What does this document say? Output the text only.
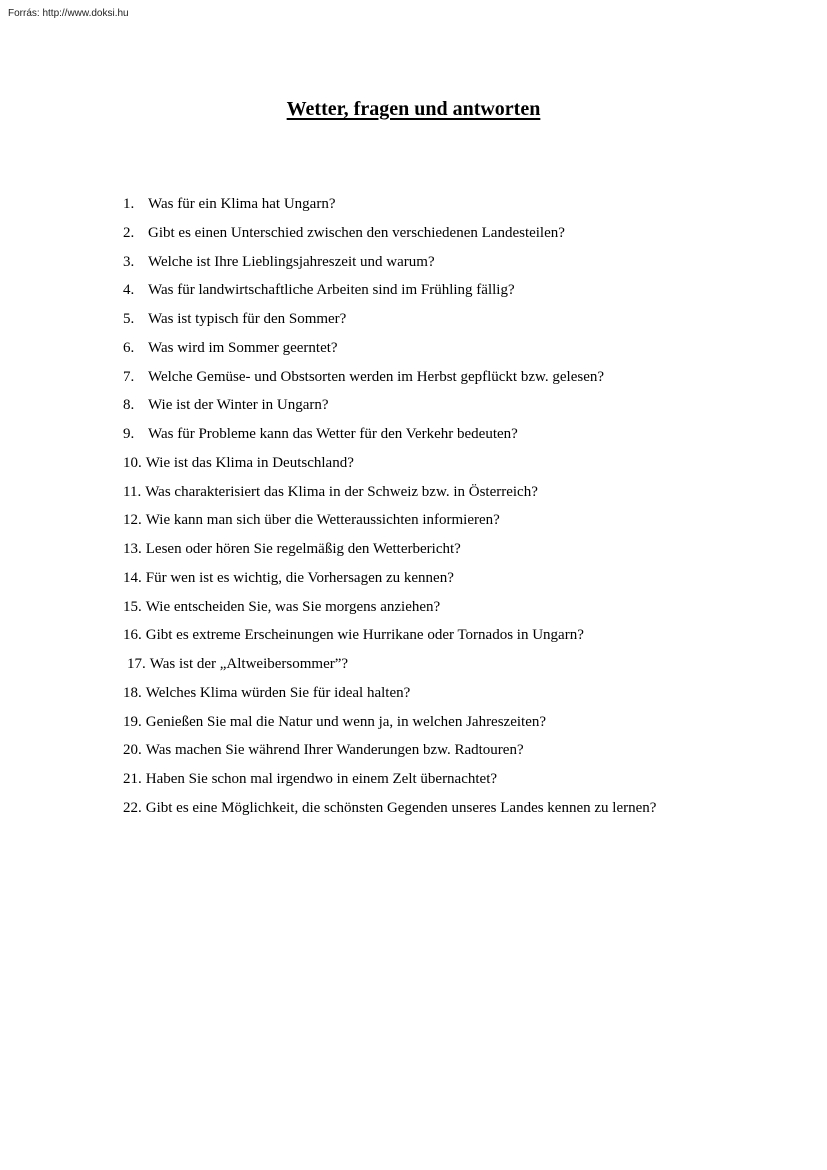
Forrás: http://www.doksi.hu
Wetter, fragen und antworten
1. Was für ein Klima hat Ungarn?
2. Gibt es einen Unterschied zwischen den verschiedenen Landesteilen?
3. Welche ist Ihre Lieblingsjahreszeit und warum?
4. Was für landwirtschaftliche Arbeiten sind im Frühling fällig?
5. Was ist typisch für den Sommer?
6. Was wird im Sommer geerntet?
7. Welche Gemüse- und Obstsorten werden im Herbst gepflückt bzw. gelesen?
8. Wie ist der Winter in Ungarn?
9. Was für Probleme kann das Wetter für den Verkehr bedeuten?
10. Wie ist das Klima in Deutschland?
11. Was charakterisiert das Klima in der Schweiz bzw. in Österreich?
12. Wie kann man sich über die Wetteraussichten informieren?
13. Lesen oder hören Sie regelmäßig den Wetterbericht?
14. Für wen ist es wichtig, die Vorhersagen zu kennen?
15. Wie entscheiden Sie, was Sie morgens anziehen?
16. Gibt es extreme Erscheinungen wie Hurrikane oder Tornados in Ungarn?
17. Was ist der „Altweibersommer”?
18. Welches Klima würden Sie für ideal halten?
19. Genießen Sie mal die Natur und wenn ja, in welchen Jahreszeiten?
20. Was machen Sie während Ihrer Wanderungen bzw. Radtouren?
21. Haben Sie schon mal irgendwo in einem Zelt übernachtet?
22. Gibt es eine Möglichkeit, die schönsten Gegenden unseres Landes kennen zu lernen?
